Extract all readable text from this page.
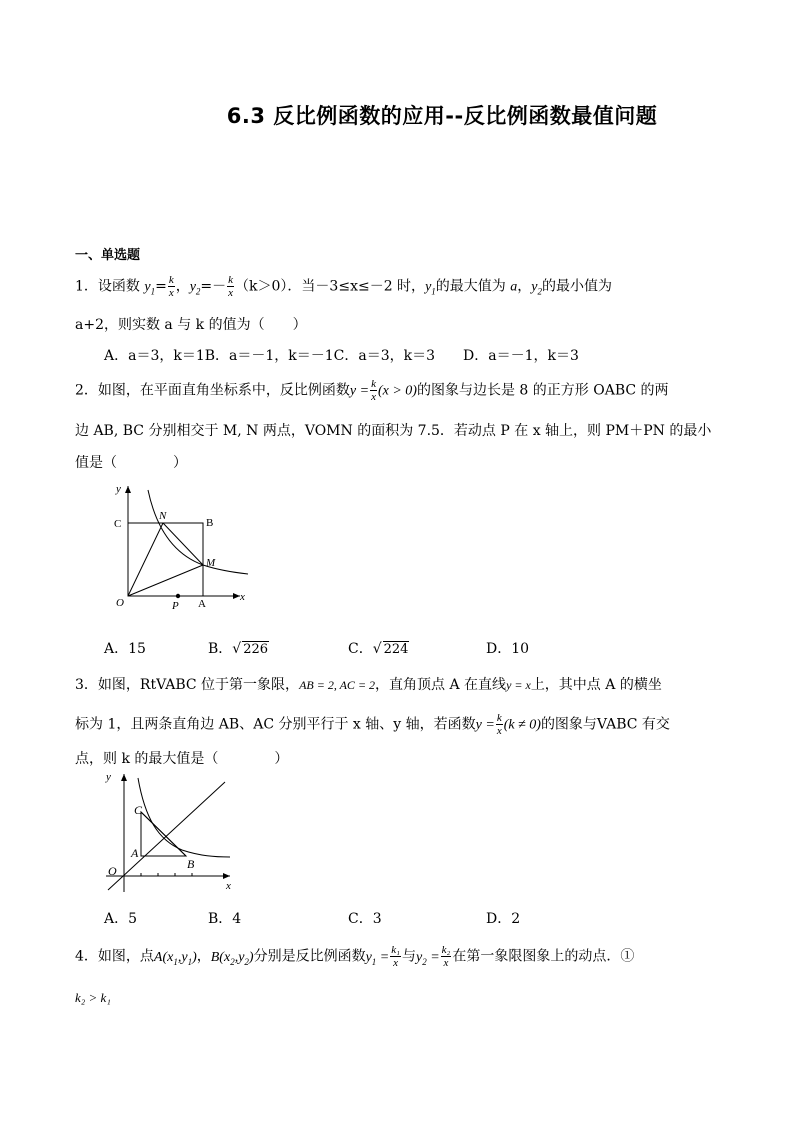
6.3 反比例函数的应用--反比例函数最值问题
一、单选题
1．设函数 $y_1= \frac{k}{x}$ ，$y_2=- \frac{k}{x} (k>0)$．当－3≤x≤－2 时，$y_1$的最大值为 a，$y_2$的最小值为
a+2，则实数 a 与 k 的值为（　　）
A．a＝3，k＝1B．a＝－1，k＝－1C．a＝3，k＝3　　D．a＝－1，k＝3
2．如图，在平面直角坐标系中，反比例函数$y = \frac{k}{x} (x > 0)$的图象与边长是 8 的正方形 OABC 的两
边 AB, BC 分别相交于 M, N 两点，VOMN 的面积为 7.5．若动点 P 在 x 轴上，则 PM＋PN 的最小
值是（　　　　）
y
x
C
N
B
M
O	P A
A．15	B．√ 226	C．√ 224	D．10
3．如图，RtVABC 位于第一象限，AB = 2, AC = 2，直角顶点 A 在直线y = x上，其中点 A 的横坐
标为 1，且两条直角边 AB、AC 分别平行于 x 轴、y 轴，若函数$y = \frac{k}{x} (k \ne 0)$的图象与VABC 有交
点，则 k 的最大值是（　　　　）
y
x
C
A
B
O
A．5	B．4	C．3	D．2
4．如图，点$A(x_1,y_1)$，$B(x_2,y_2)$分别是反比例函数$y_1 = \frac{\text{k₁}}{x}$ 与$y_2 = \frac{\text{k₂}}{x}$ 在第一象限图象上的动点．①
k₂ > k₁
